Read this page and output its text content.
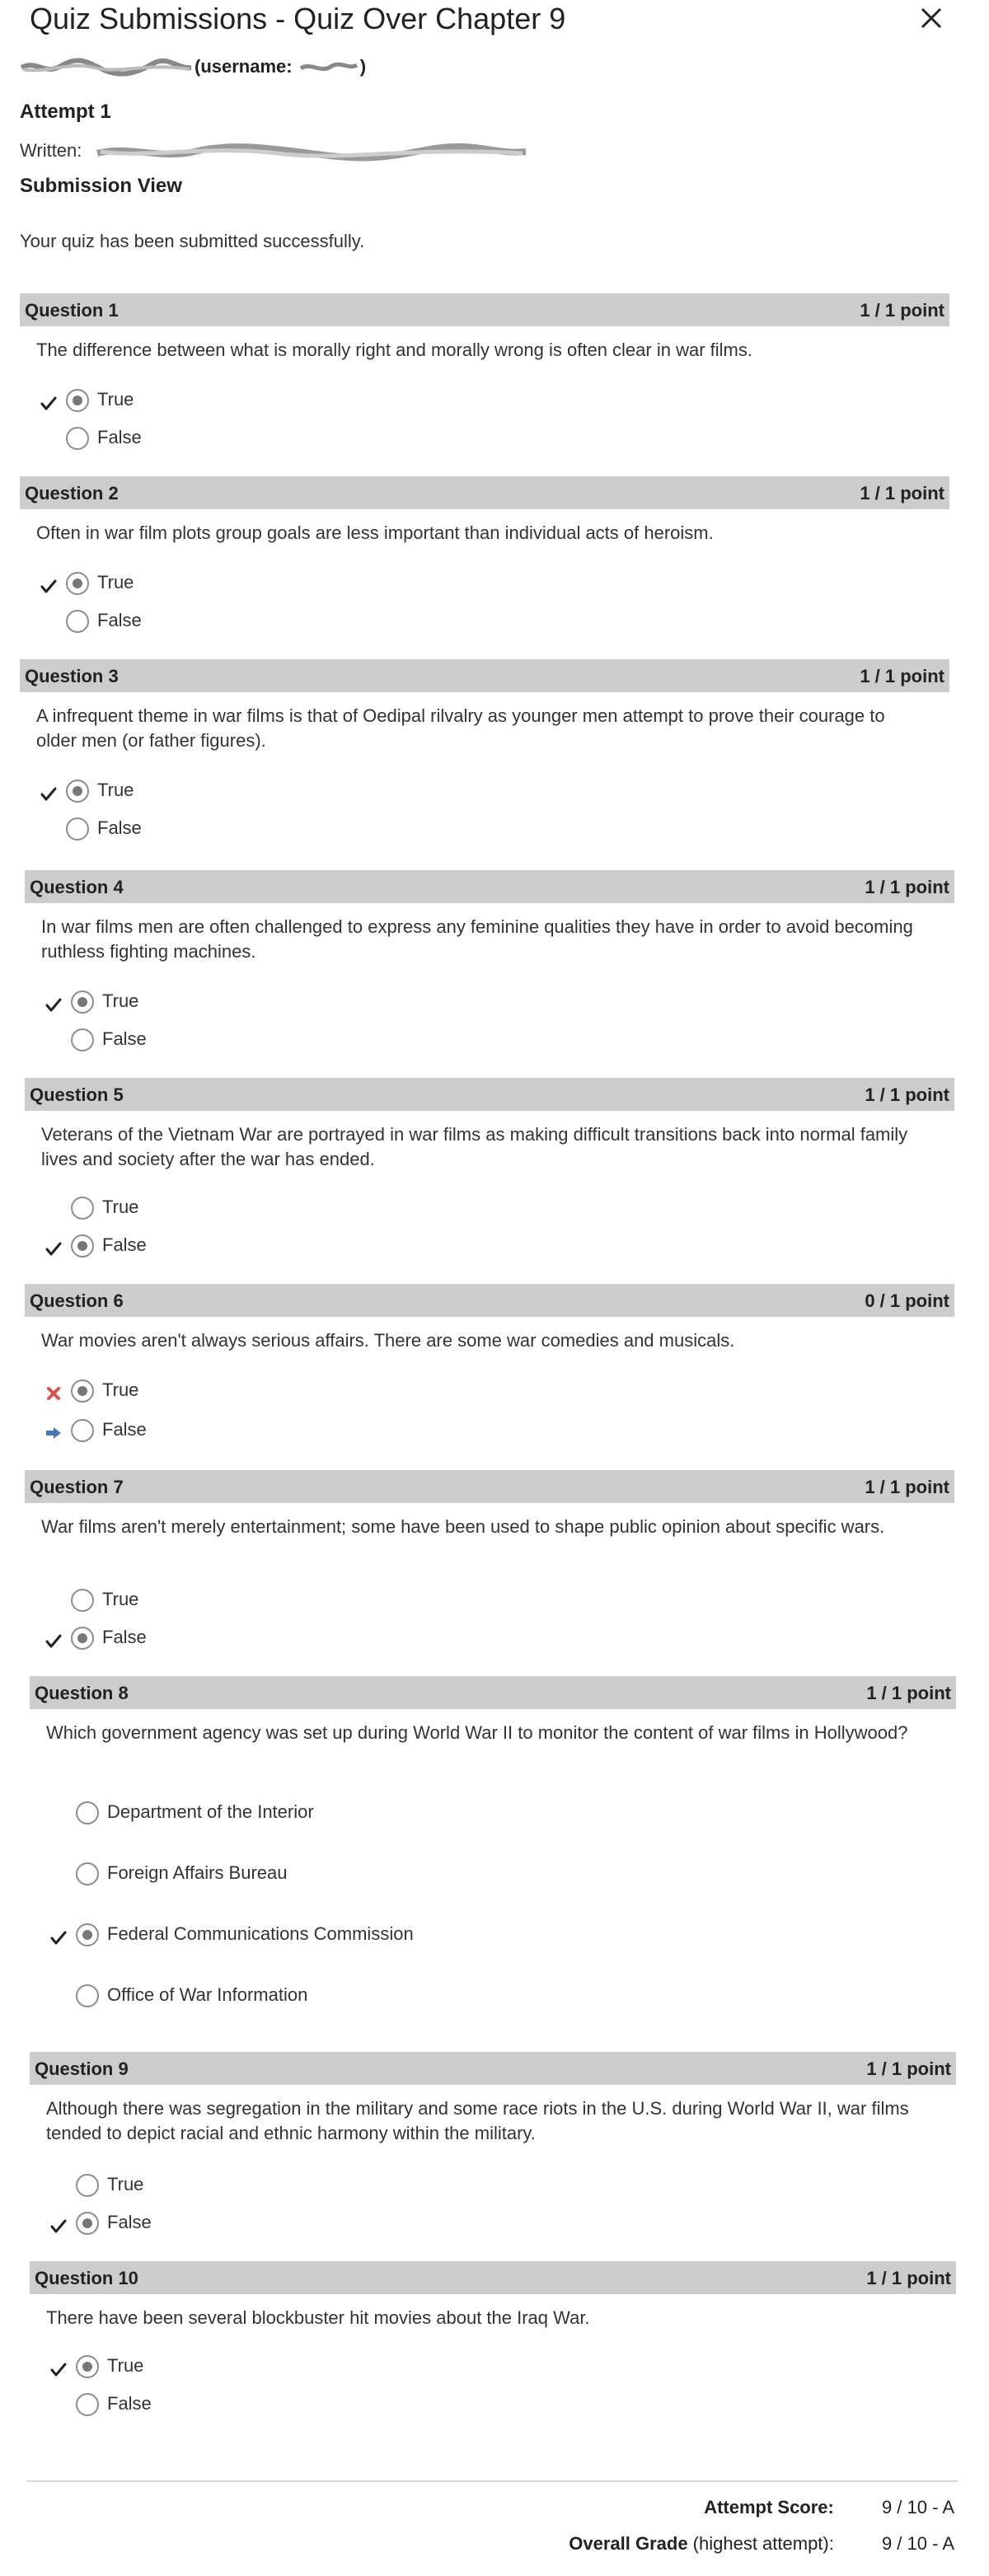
Quiz Submissions - Quiz Over Chapter 9
(username:	)
Attempt 1
Written:
Submission View
Your quiz has been submitted successfully.
Question 1	1 / 1 point
The difference between what is morally right and morally wrong is often clear in war films.
True
False
Question 2	1 / 1 point
Often in war film plots group goals are less important than individual acts of heroism.
True
False
Question 3	1 / 1 point
A infrequent theme in war films is that of Oedipal rilvalry as younger men attempt to prove their courage to older men (or father figures).
True
False
Question 4	1 / 1 point
In war films men are often challenged to express any feminine qualities they have in order to avoid becoming ruthless fighting machines.
True
False
Question 5	1 / 1 point
Veterans of the Vietnam War are portrayed in war films as making difficult transitions back into normal family lives and society after the war has ended.
True
False
Question 6	0 / 1 point
War movies aren't always serious affairs. There are some war comedies and musicals.
True
False
Question 7	1 / 1 point
War films aren't merely entertainment; some have been used to shape public opinion about specific wars.
True
False
Question 8	1 / 1 point
Which government agency was set up during World War II to monitor the content of war films in Hollywood?
Department of the Interior
Foreign Affairs Bureau
Federal Communications Commission
Office of War Information
Question 9	1 / 1 point
Although there was segregation in the military and some race riots in the U.S. during World War II, war films tended to depict racial and ethnic harmony within the military.
True
False
Question 10	1 / 1 point
There have been several blockbuster hit movies about the Iraq War.
True
False
Attempt Score:	9 / 10 - A
Overall Grade (highest attempt):	9 / 10 - A
